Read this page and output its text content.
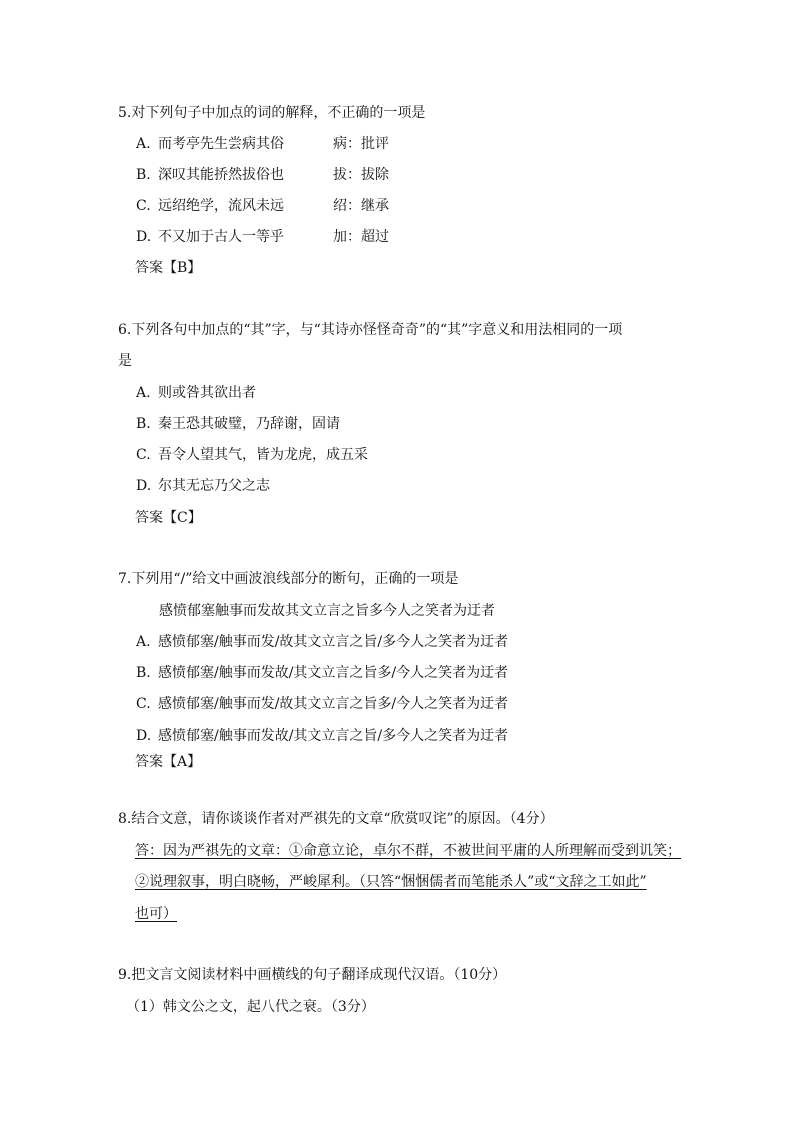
5.对下列句子中加点的词的解释，不正确的一项是
A. 而考亭先生尝病其俗	病：批评
B. 深叹其能挢然拔俗也	拔：拔除
C. 远绍绝学，流风未远	绍：继承
D. 不又加于古人一等乎	加：超过
答案【B】
6.下列各句中加点的“其”字，与“其诗亦怪怪奇奇”的“其”字意义和用法相同的一项
是
A. 则或咎其欲出者
B. 秦王恐其破璧，乃辞谢，固请
C. 吾令人望其气，皆为龙虎，成五采
D. 尔其无忘乃父之志
答案【C】
7.下列用“/”给文中画波浪线部分的断句，正确的一项是
感愤郁塞触事而发故其文立言之旨多今人之笑者为迂者
A. 感愤郁塞/触事而发/故其文立言之旨/多今人之笑者为迂者
B. 感愤郁塞/触事而发故/其文立言之旨多/今人之笑者为迂者
C. 感愤郁塞/触事而发/故其文立言之旨多/今人之笑者为迂者
D. 感愤郁塞/触事而发故/其文立言之旨/多今人之笑者为迂者
答案【A】
8.结合文意，请你谈谈作者对严祺先的文章“欣赏叹诧”的原因。（4分）
答：因为严祺先的文章：①命意立论，卓尔不群，不被世间平庸的人所理解而受到讥笑；
②说理叙事，明白晓畅，严峻犀利。（只答“悃悃儒者而笔能杀人”或“文辞之工如此”
也可）
9.把文言文阅读材料中画横线的句子翻译成现代汉语。（10分）
（1）韩文公之文，起八代之衰。（3分）
